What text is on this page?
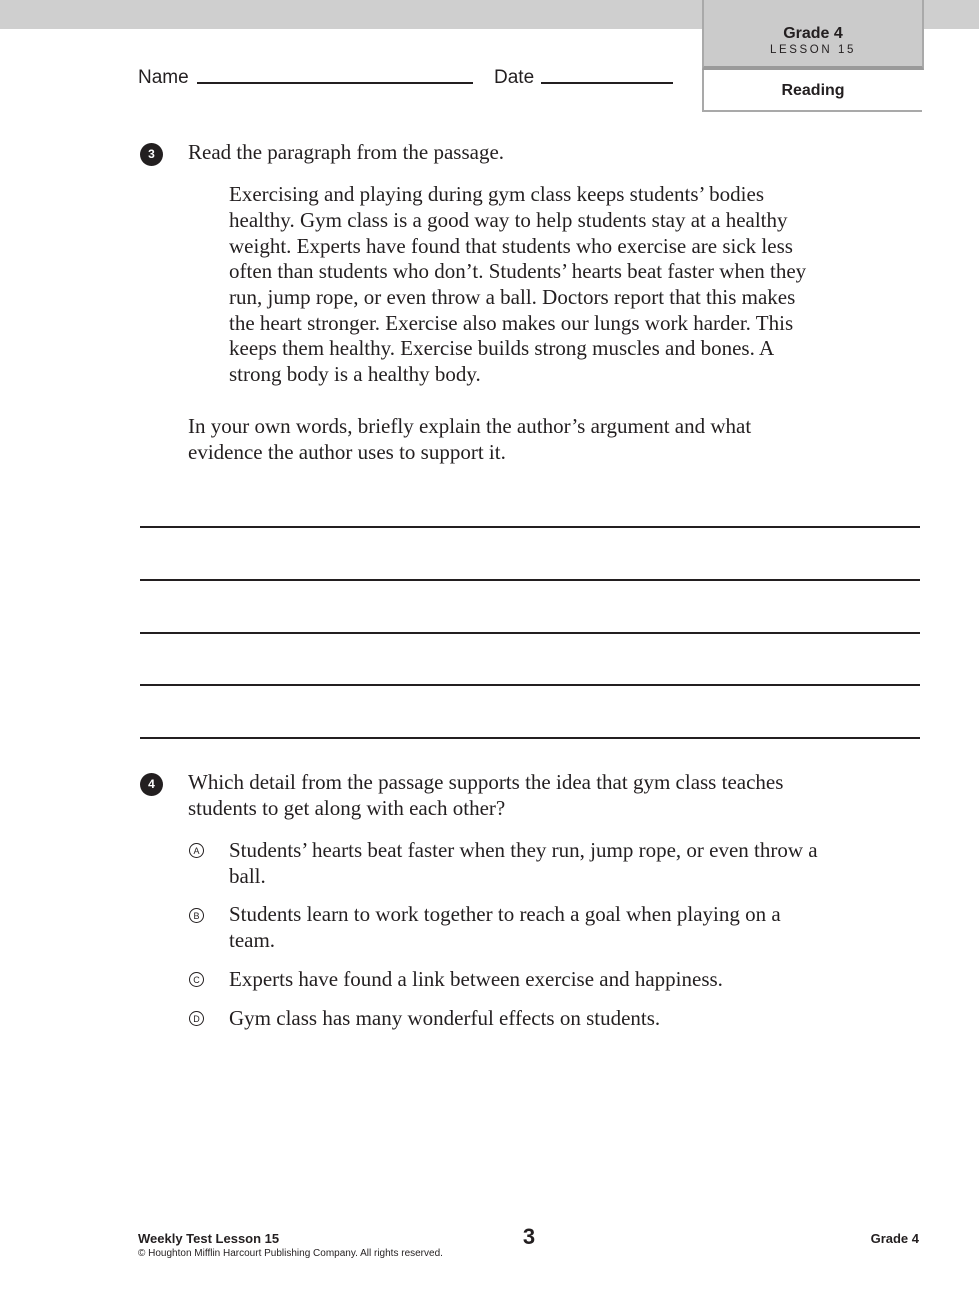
Grade 4
LESSON 15
Reading
Name	Date
3	Read the paragraph from the passage.

Exercising and playing during gym class keeps students’ bodies

healthy. Gym class is a good way to help students stay at a healthy

weight. Experts have found that students who exercise are sick less

often than students who don’t. Students’ hearts beat faster when they

run, jump rope, or even throw a ball. Doctors report that this makes

the heart stronger. Exercise also makes our lungs work harder. This

keeps them healthy. Exercise builds strong muscles and bones. A

strong body is a healthy body.

In your own words, briefly explain the author’s argument and what

evidence the author uses to support it.

4	Which detail from the passage supports the idea that gym class teaches

students to get along with each other?

A Students’ hearts beat faster when they run, jump rope, or even throw a

ball.

B Students learn to work together to reach a goal when playing on a

team.

C Experts have found a link between exercise and happiness.

D Gym class has many wonderful effects on students.

Weekly Test Lesson 15
© Houghton Mifflin Harcourt Publishing Company. All rights reserved.
3	Grade 4
